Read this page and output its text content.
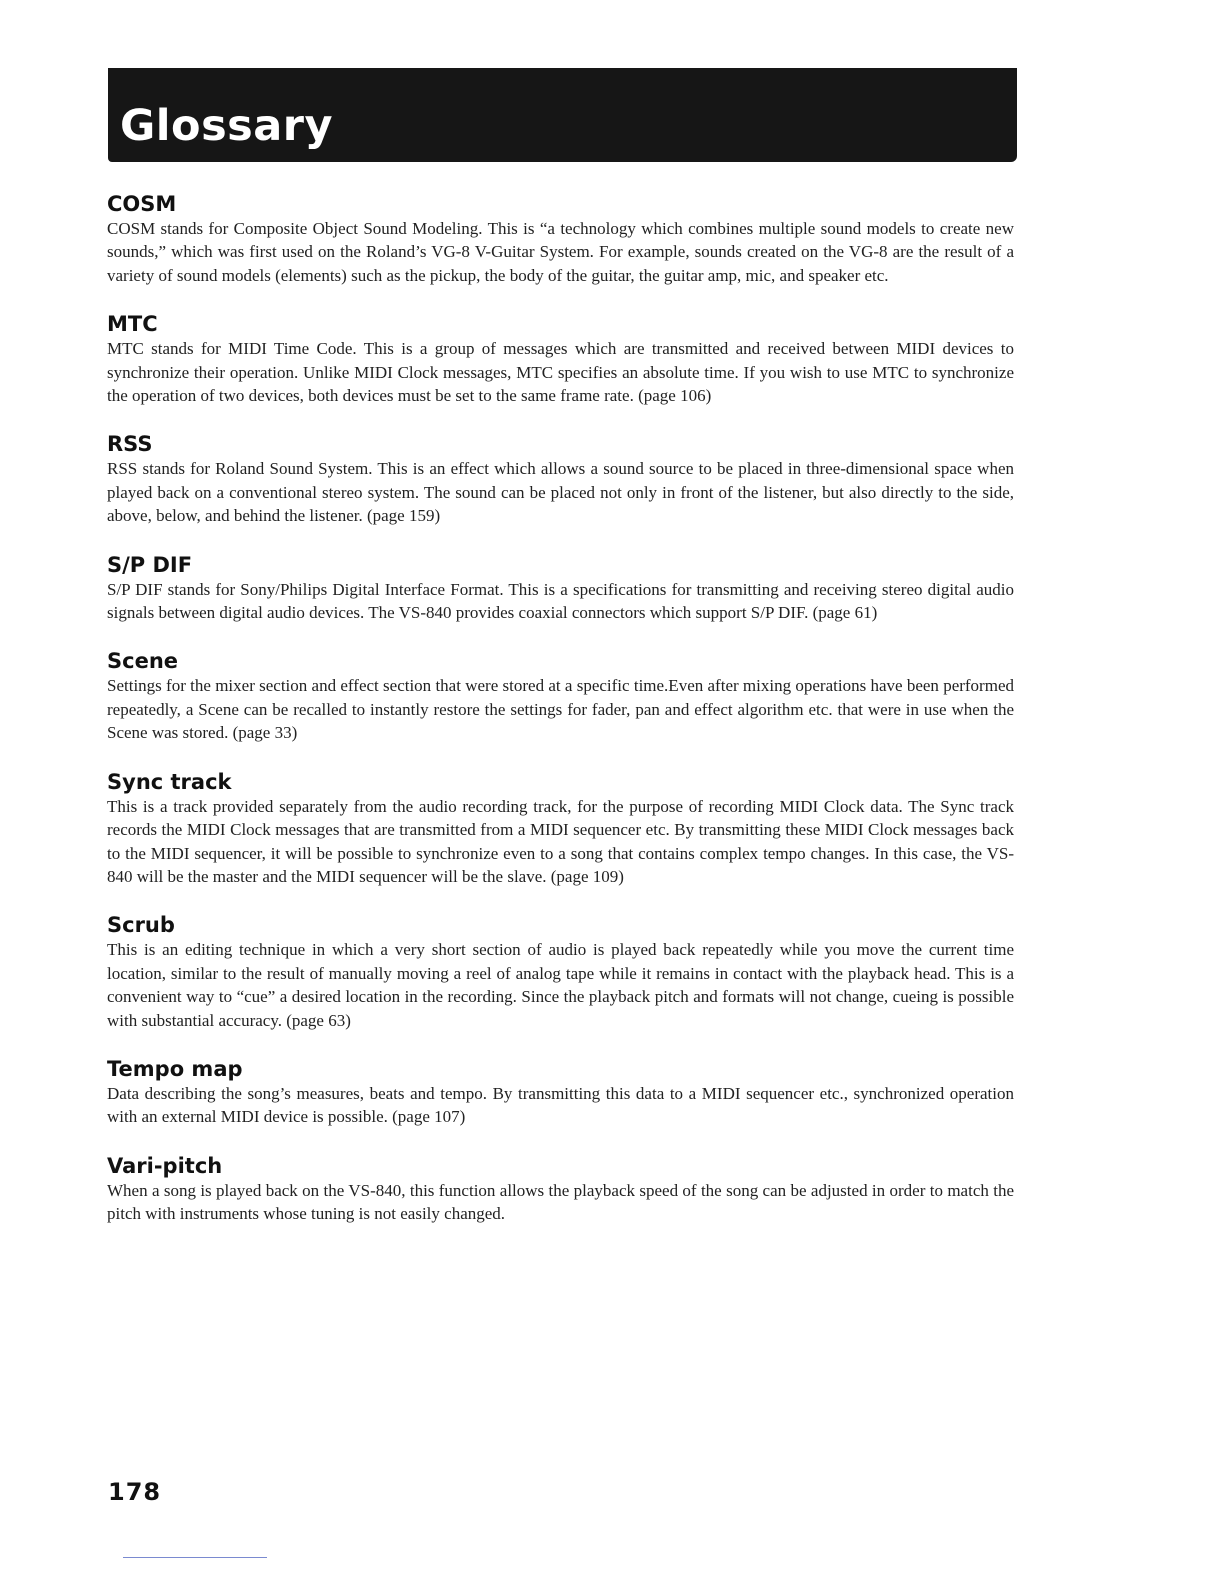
Glossary
COSM

COSM stands for Composite Object Sound Modeling. This is “a technology which combines multiple sound models to create new sounds,” which was first used on the Roland’s VG-8 V-Guitar System. For example, sounds created on the VG-8 are the result of a variety of sound models (elements) such as the pickup, the body of the guitar, the guitar amp, mic, and speaker etc.

MTC

MTC stands for MIDI Time Code. This is a group of messages which are transmitted and received between MIDI devices to synchronize their operation. Unlike MIDI Clock messages, MTC specifies an absolute time. If you wish to use MTC to synchronize the operation of two devices, both devices must be set to the same frame rate. (page 106)

RSS

RSS stands for Roland Sound System. This is an effect which allows a sound source to be placed in three-dimensional space when played back on a conventional stereo system. The sound can be placed not only in front of the listener, but also directly to the side, above, below, and behind the listener. (page 159)

S/P DIF

S/P DIF stands for Sony/Philips Digital Interface Format. This is a specifications for transmitting and receiving stereo digital audio signals between digital audio devices. The VS-840 provides coaxial connectors which support S/P DIF. (page 61)

Scene

Settings for the mixer section and effect section that were stored at a specific time.Even after mixing operations have been performed repeatedly, a Scene can be recalled to instantly restore the settings for fader, pan and effect algorithm etc. that were in use when the Scene was stored. (page 33)

Sync track

This is a track provided separately from the audio recording track, for the purpose of recording MIDI Clock data. The Sync track records the MIDI Clock messages that are transmitted from a MIDI sequencer etc. By transmitting these MIDI Clock messages back to the MIDI sequencer, it will be possible to synchronize even to a song that contains complex tempo changes. In this case, the VS-840 will be the master and the MIDI sequencer will be the slave. (page 109)

Scrub

This is an editing technique in which a very short section of audio is played back repeatedly while you move the current time location, similar to the result of manually moving a reel of analog tape while it remains in contact with the playback head. This is a convenient way to “cue” a desired location in the recording. Since the playback pitch and formats will not change, cueing is possible with substantial accuracy. (page 63)

Tempo map

Data describing the song’s measures, beats and tempo. By transmitting this data to a MIDI sequencer etc., synchronized operation with an external MIDI device is possible. (page 107)

Vari-pitch

When a song is played back on the VS-840, this function allows the playback speed of the song can be adjusted in order to match the pitch with instruments whose tuning is not easily changed.

178
